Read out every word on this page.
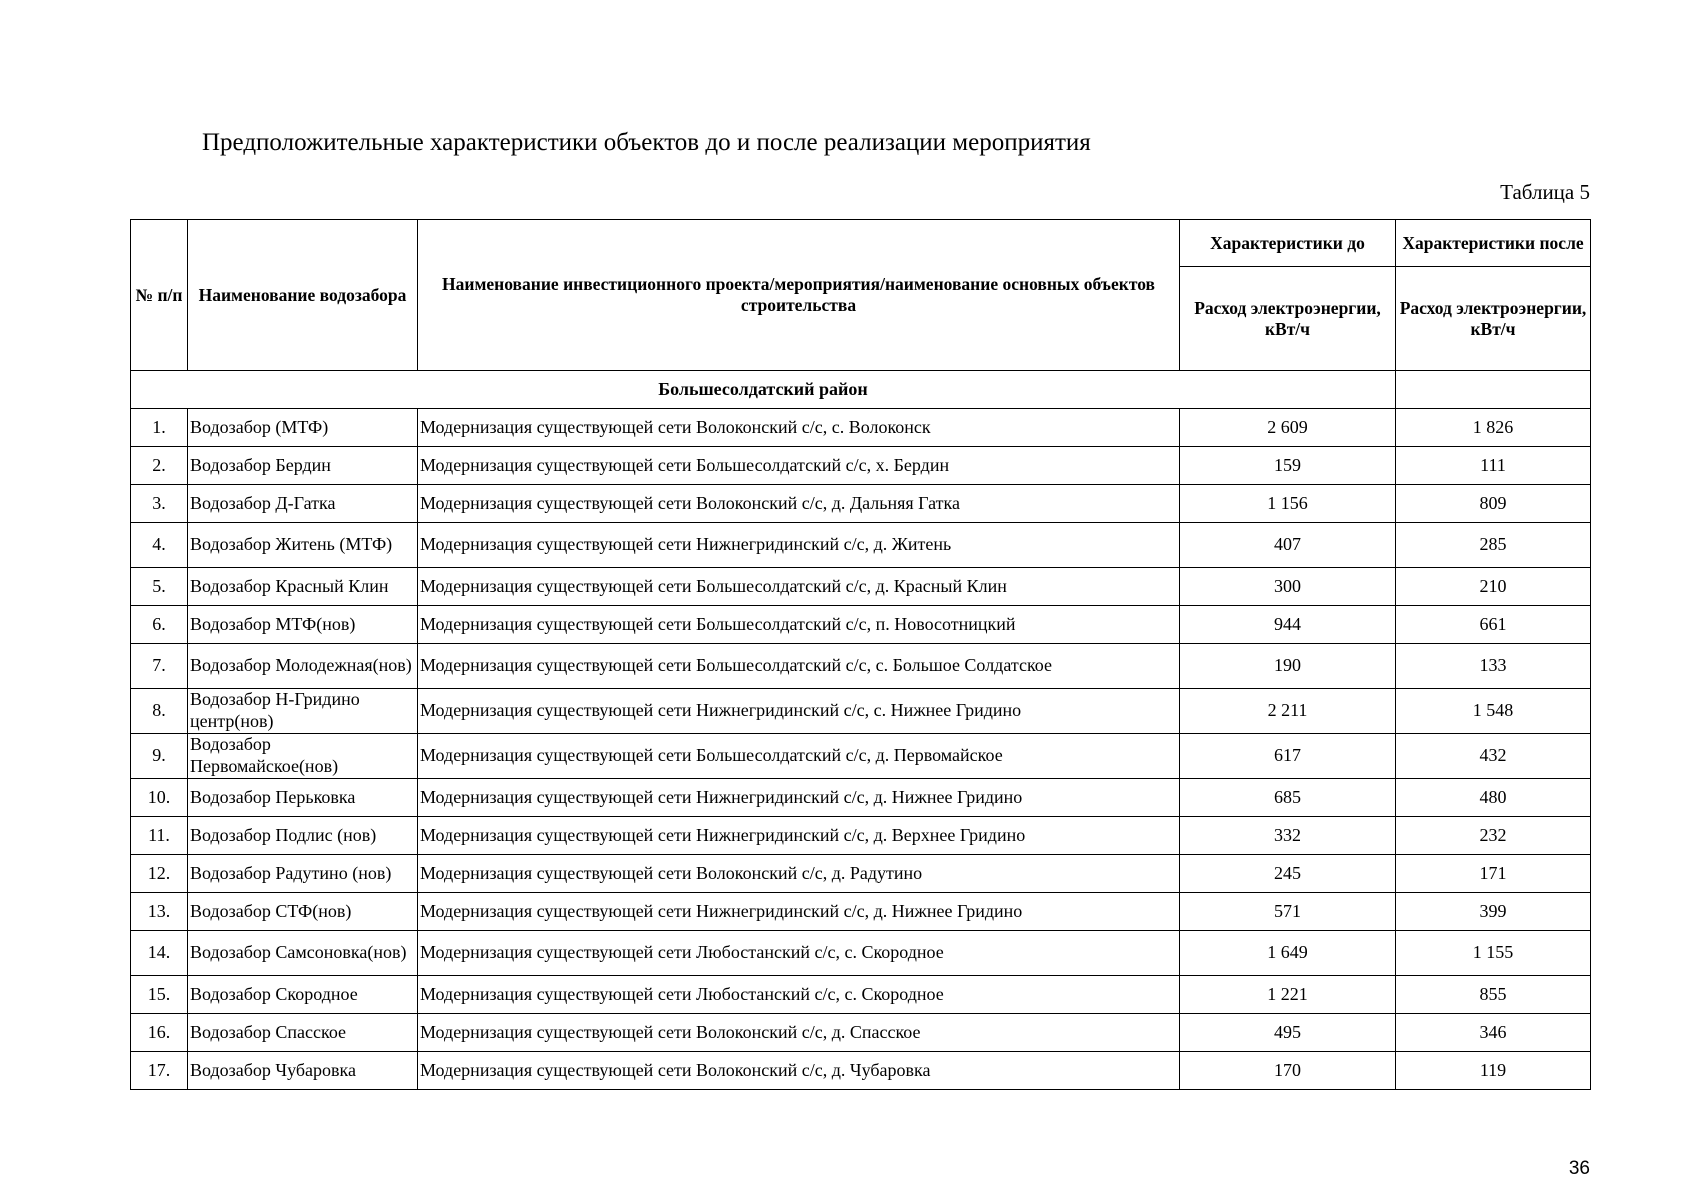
Предположительные характеристики объектов до и после реализации мероприятия
Таблица 5
№ п/п	Наименование водозабора	Наименование инвестиционного проекта/мероприятия/наименование основных объектов строительства	Характеристики до	Характеристики после
			Расход электроэнергии, кВт/ч	Расход электроэнергии, кВт/ч
Большесолдатский район				
1.	Водозабор (МТФ)	Модернизация существующей сети Волоконский с/с, с. Волоконск	2 609	1 826
2.	Водозабор Бердин	Модернизация существующей сети Большесолдатский с/с, х. Бердин	159	111
3.	Водозабор Д-Гатка	Модернизация существующей сети Волоконский с/с, д. Дальняя Гатка	1 156	809
4.	Водозабор Житень (МТФ)	Модернизация существующей сети Нижнегридинский с/с, д. Житень	407	285
5.	Водозабор Красный Клин	Модернизация существующей сети Большесолдатский с/с, д. Красный Клин	300	210
6.	Водозабор МТФ(нов)	Модернизация существующей сети Большесолдатский с/с, п. Новосотницкий	944	661
7.	Водозабор Молодежная(нов)	Модернизация существующей сети Большесолдатский с/с, с. Большое Солдатское	190	133
8.	Водозабор Н-Гридино центр(нов)	Модернизация существующей сети Нижнегридинский с/с, с. Нижнее Гридино	2 211	1 548
9.	Водозабор Первомайское(нов)	Модернизация существующей сети Большесолдатский с/с, д. Первомайское	617	432
10.	Водозабор Перьковка	Модернизация существующей сети Нижнегридинский с/с, д. Нижнее Гридино	685	480
11.	Водозабор Подлис (нов)	Модернизация существующей сети Нижнегридинский с/с, д. Верхнее Гридино	332	232
12.	Водозабор Радутино (нов)	Модернизация существующей сети Волоконский с/с, д. Радутино	245	171
13.	Водозабор СТФ(нов)	Модернизация существующей сети Нижнегридинский с/с, д. Нижнее Гридино	571	399
14.	Водозабор Самсоновка(нов)	Модернизация существующей сети Любостанский с/с, с. Скородное	1 649	1 155
15.	Водозабор Скородное	Модернизация существующей сети Любостанский с/с, с. Скородное	1 221	855
16.	Водозабор Спасское	Модернизация существующей сети Волоконский с/с, д. Спасское	495	346
17.	Водозабор Чубаровка	Модернизация существующей сети Волоконский с/с, д. Чубаровка	170	119
36
